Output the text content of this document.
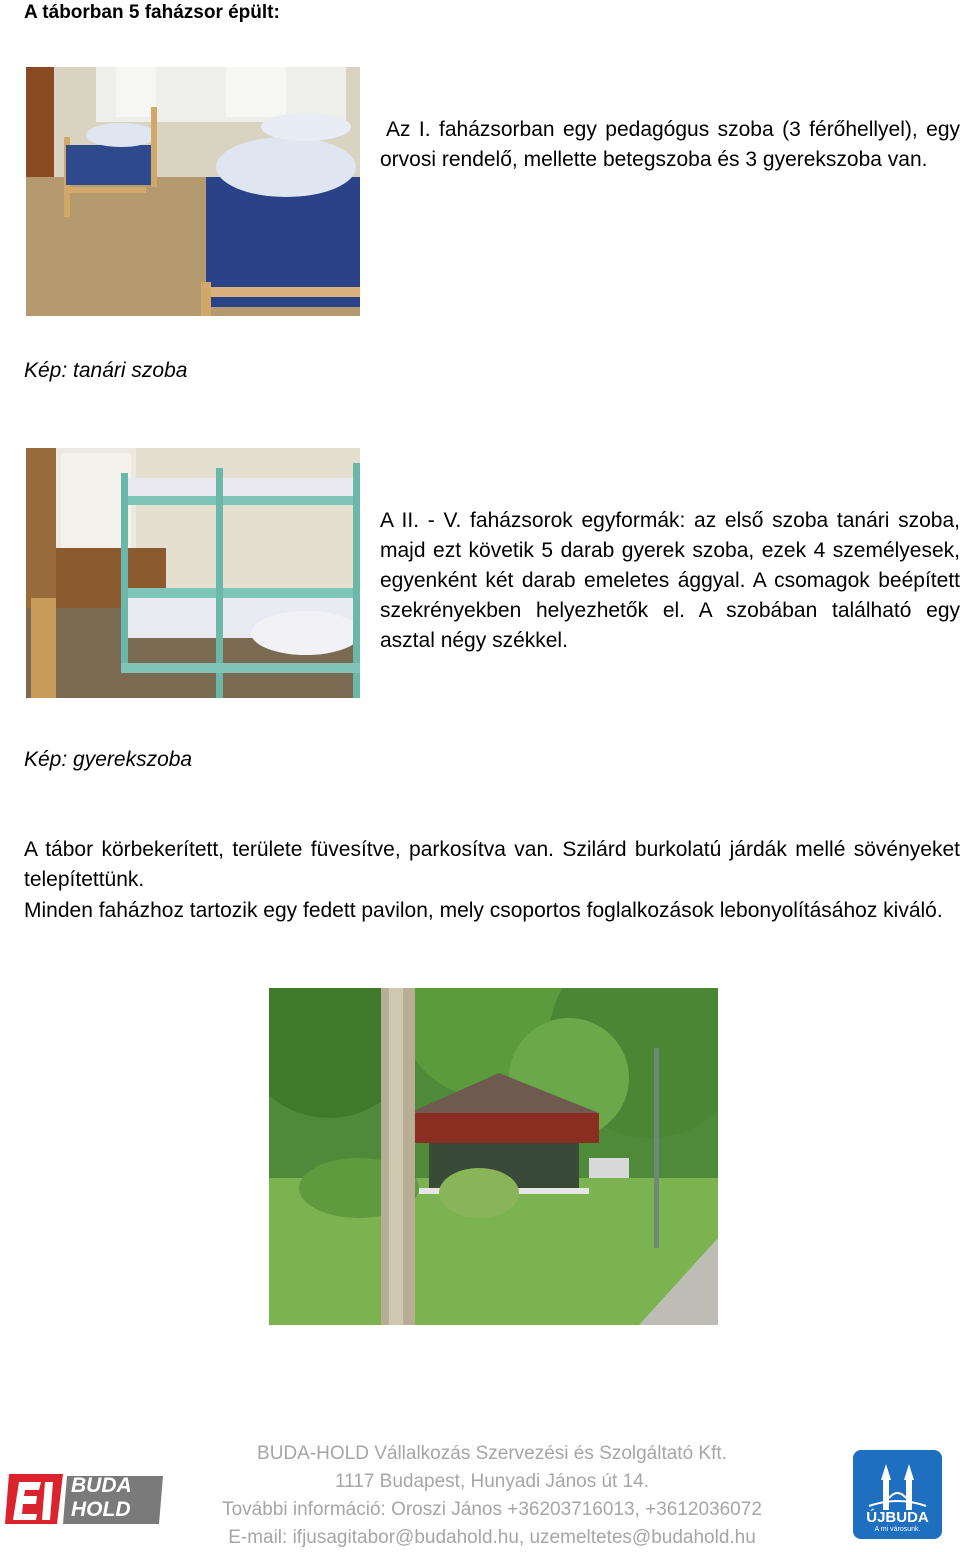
A táborban 5 faházsor épült:
Az I. faházsorban egy pedagógus szoba (3 férőhellyel), egy orvosi rendelő, mellette betegszoba és 3 gyerekszoba van.
Kép: tanári szoba
A II. - V. faházsorok egyformák: az első szoba tanári szoba, majd ezt követik 5 darab gyerek szoba, ezek 4 személyesek, egyenként két darab emeletes ággyal. A csomagok beépített szekrényekben helyezhetők el. A szobában található egy asztal négy székkel.
Kép: gyerekszoba
A tábor körbekerített, területe füvesítve, parkosítva van. Szilárd burkolatú járdák mellé sövényeket telepítettünk.
Minden faházhoz tartozik egy fedett pavilon, mely csoportos foglalkozások lebonyolításához kiváló.
BUDA HOLD
BUDA-HOLD Vállalkozás Szervezési és Szolgáltató Kft.
1117 Budapest, Hunyadi János út 14.
További információ: Oroszi János +36203716013, +3612036072
E-mail: ifjusagitabor@budahold.hu, uzemeltetes@budahold.hu
ÚJBUDA
A mi városunk.
